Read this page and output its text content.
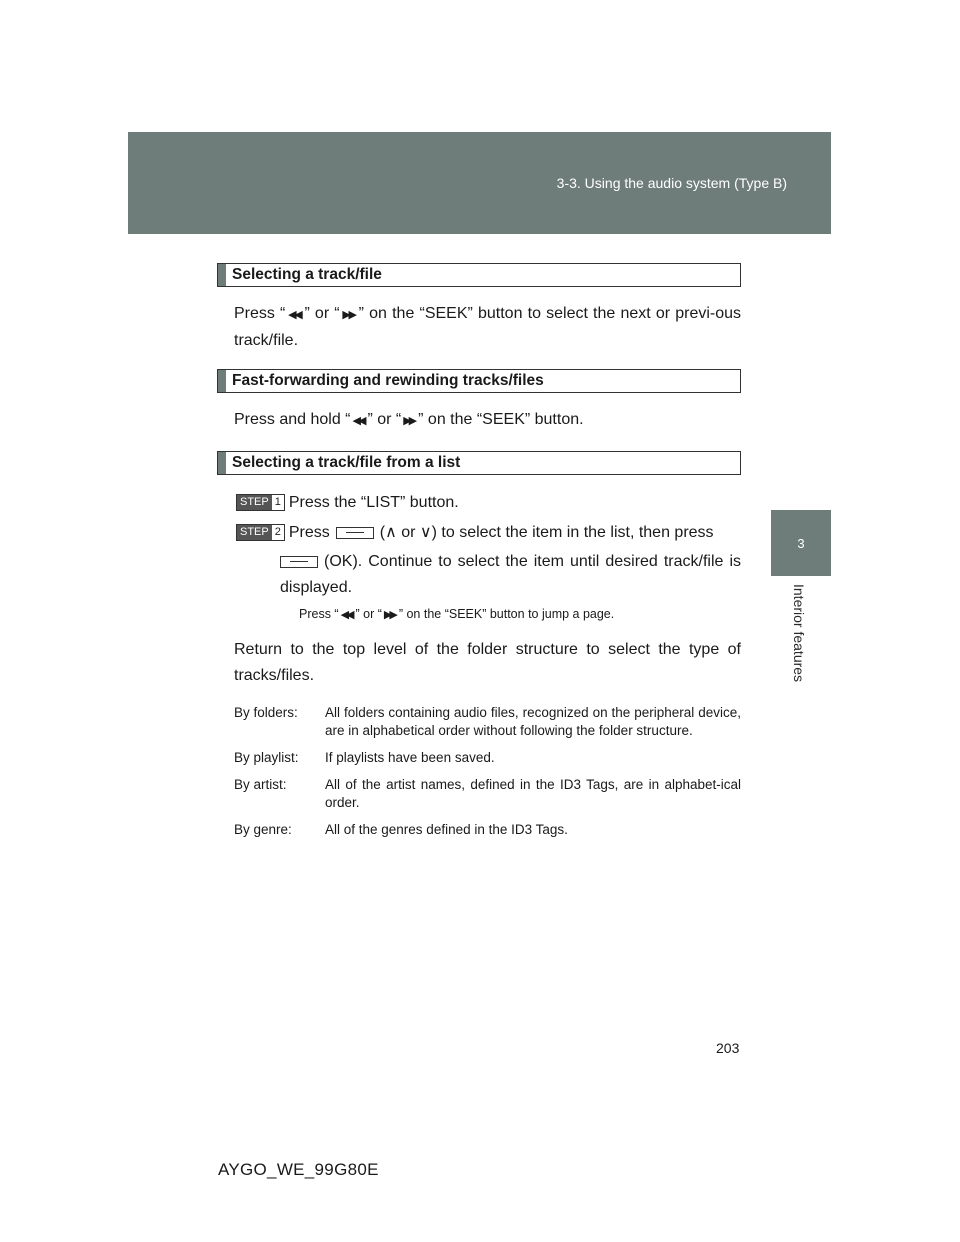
3-3. Using the audio system (Type B)
3
Interior features
Selecting a track/file

Press “ ◀◀ ” or “ ▶▶ ” on the “SEEK” button to select the next or previ-ous track/file.

Fast-forwarding and rewinding tracks/files

Press and hold “ ◀◀ ” or “ ▶▶ ” on the “SEEK” button.

Selecting a track/file from a list
STEP 1 Press the “LIST” button.
STEP 2 Press	(∧ or ∨) to select the item in the list, then press
(OK). Continue to select the item until desired track/file is displayed.
Press “ ◀◀ ” or “ ▶▶ ” on the “SEEK” button to jump a page.

Return to the top level of the folder structure to select the type of tracks/files.

By folders:	All folders containing audio files, recognized on the peripheral device, are in alphabetical order without following the folder structure.
By playlist:	If playlists have been saved.
By artist:	All of the artist names, defined in the ID3 Tags, are in alphabet-ical order.
By genre:	All of the genres defined in the ID3 Tags.
203
AYGO_WE_99G80E
